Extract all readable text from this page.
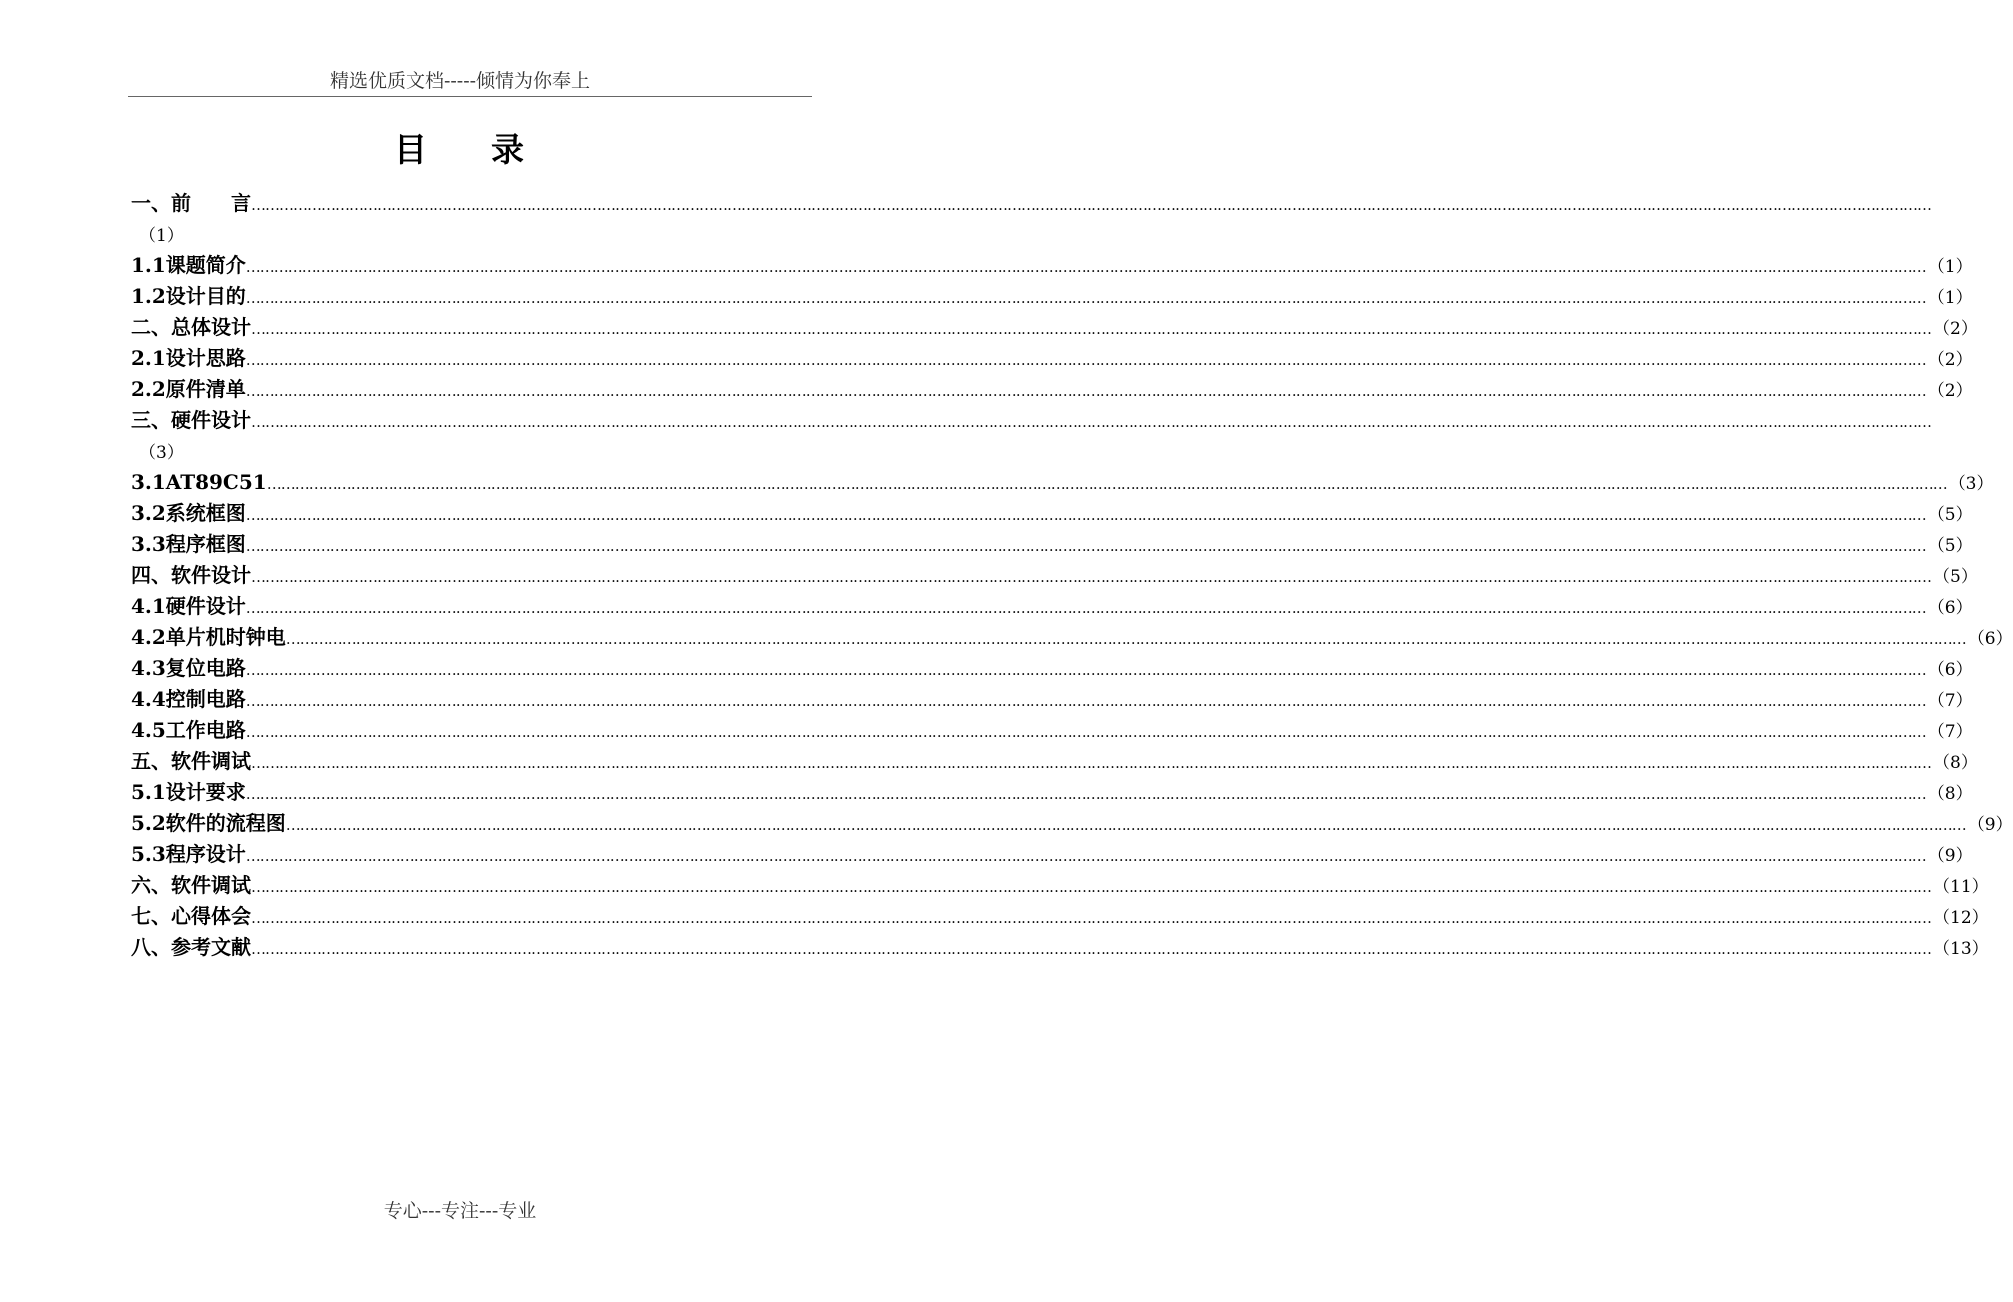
精选优质文档-----倾情为你奉上
目 录
一、前　　言 ………………………………………………………………………………………………………………………………………………………………………………………………………………………………………………………………………………………………………………………………
（1）
1.1课题简介 ……………………………………………………………………………………………………………………………………………………………………………………………………………………………………………………………………………………………………………………………… （1）
1.2设计目的 ……………………………………………………………………………………………………………………………………………………………………………………………………………………………………………………………………………………………………………………………… （1）
二、总体设计 ……………………………………………………………………………………………………………………………………………………………………………………………………………………………………………………………………………………………………………………………… （2）
2.1设计思路 ……………………………………………………………………………………………………………………………………………………………………………………………………………………………………………………………………………………………………………………………… （2）
2.2原件清单 ……………………………………………………………………………………………………………………………………………………………………………………………………………………………………………………………………………………………………………………………… （2）
三、硬件设计 ………………………………………………………………………………………………………………………………………………………………………………………………………………………………………………………………………………………………………………………………
（3）
3.1AT89C51 ……………………………………………………………………………………………………………………………………………………………………………………………………………………………………………………………………………………………………………………………… （3）
3.2系统框图 ……………………………………………………………………………………………………………………………………………………………………………………………………………………………………………………………………………………………………………………………… （5）
3.3程序框图 ……………………………………………………………………………………………………………………………………………………………………………………………………………………………………………………………………………………………………………………………… （5）
四、软件设计 ……………………………………………………………………………………………………………………………………………………………………………………………………………………………………………………………………………………………………………………………… （5）
4.1硬件设计 ……………………………………………………………………………………………………………………………………………………………………………………………………………………………………………………………………………………………………………………………… （6）
4.2单片机时钟电 ……………………………………………………………………………………………………………………………………………………………………………………………………………………………………………………………………………………………………………………………… （6）
4.3复位电路 ……………………………………………………………………………………………………………………………………………………………………………………………………………………………………………………………………………………………………………………………… （6）
4.4控制电路 ……………………………………………………………………………………………………………………………………………………………………………………………………………………………………………………………………………………………………………………………… （7）
4.5工作电路 ……………………………………………………………………………………………………………………………………………………………………………………………………………………………………………………………………………………………………………………………… （7）
五、软件调试 ……………………………………………………………………………………………………………………………………………………………………………………………………………………………………………………………………………………………………………………………… （8）
5.1设计要求 ……………………………………………………………………………………………………………………………………………………………………………………………………………………………………………………………………………………………………………………………… （8）
5.2软件的流程图 ……………………………………………………………………………………………………………………………………………………………………………………………………………………………………………………………………………………………………………………………… （9）
5.3程序设计 ……………………………………………………………………………………………………………………………………………………………………………………………………………………………………………………………………………………………………………………………… （9）
六、软件调试 ……………………………………………………………………………………………………………………………………………………………………………………………………………………………………………………………………………………………………………………………… （11）
七、心得体会 ……………………………………………………………………………………………………………………………………………………………………………………………………………………………………………………………………………………………………………………………… （12）
八、参考文献 ……………………………………………………………………………………………………………………………………………………………………………………………………………………………………………………………………………………………………………………………… （13）
专心---专注---专业
